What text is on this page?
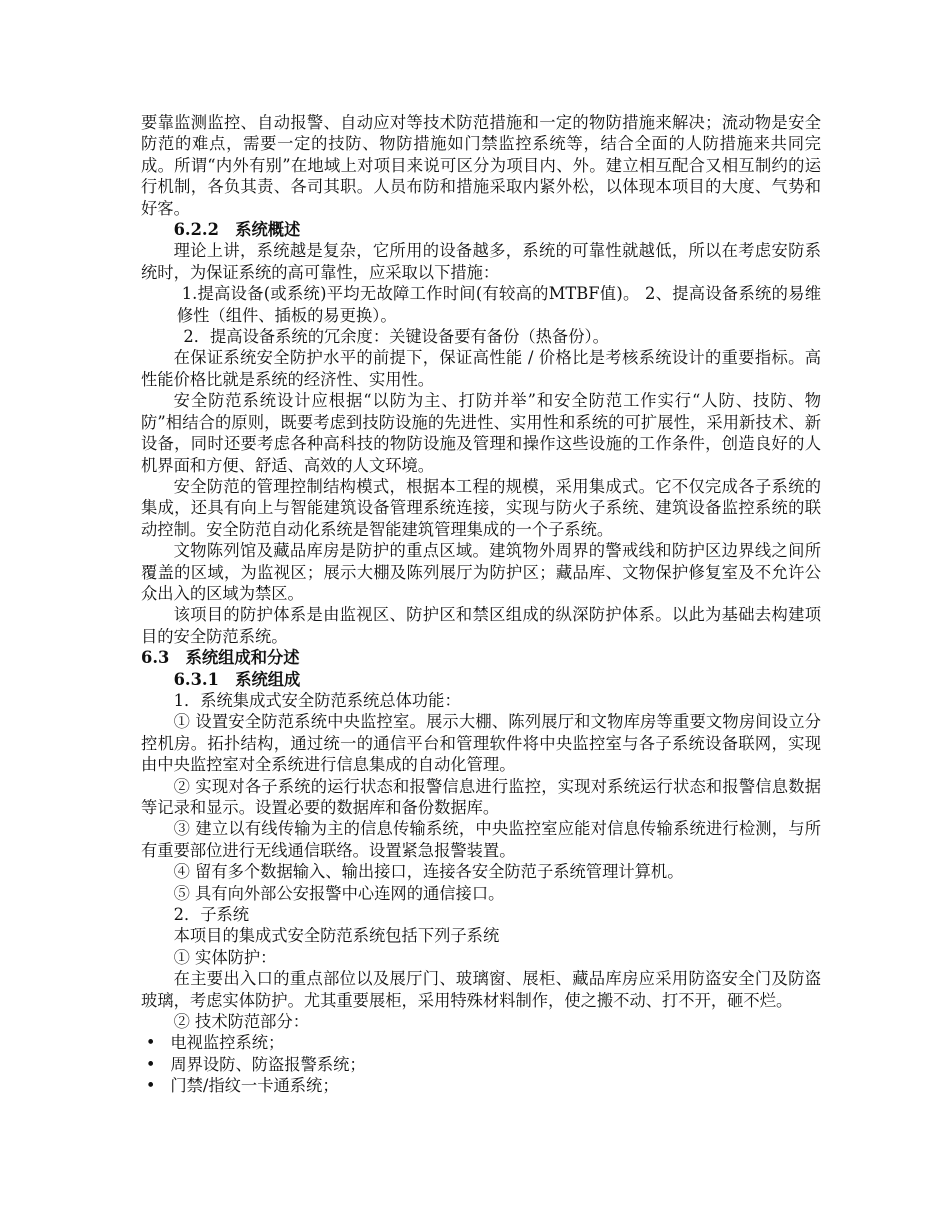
要靠监测监控、自动报警、自动应对等技术防范措施和一定的物防措施来解决；流动物是安全防范的难点，需要一定的技防、物防措施如门禁监控系统等，结合全面的人防措施来共同完成。所谓“内外有别”在地域上对项目来说可区分为项目内、外。建立相互配合又相互制约的运行机制，各负其责、各司其职。人员布防和措施采取内紧外松，以体现本项目的大度、气势和好客。

6.2.2　系统概述

理论上讲，系统越是复杂，它所用的设备越多，系统的可靠性就越低，所以在考虑安防系统时，为保证系统的高可靠性，应采取以下措施：

1.提高设备(或系统)平均无故障工作时间(有较高的MTBF值)。 2、提高设备系统的易维修性（组件、插板的易更换）。

2．提高设备系统的冗余度：关键设备要有备份（热备份）。

在保证系统安全防护水平的前提下，保证高性能 / 价格比是考核系统设计的重要指标。高性能价格比就是系统的经济性、实用性。

安全防范系统设计应根据“以防为主、打防并举”和安全防范工作实行“人防、技防、物防”相结合的原则，既要考虑到技防设施的先进性、实用性和系统的可扩展性，采用新技术、新设备，同时还要考虑各种高科技的物防设施及管理和操作这些设施的工作条件，创造良好的人机界面和方便、舒适、高效的人文环境。

安全防范的管理控制结构模式，根据本工程的规模，采用集成式。它不仅完成各子系统的集成，还具有向上与智能建筑设备管理系统连接，实现与防火子系统、建筑设备监控系统的联动控制。安全防范自动化系统是智能建筑管理集成的一个子系统。

文物陈列馆及藏品库房是防护的重点区域。建筑物外周界的警戒线和防护区边界线之间所覆盖的区域，为监视区；展示大棚及陈列展厅为防护区；藏品库、文物保护修复室及不允许公众出入的区域为禁区。

该项目的防护体系是由监视区、防护区和禁区组成的纵深防护体系。以此为基础去构建项目的安全防范系统。

6.3　系统组成和分述

6.3.1　系统组成

1．系统集成式安全防范系统总体功能：

① 设置安全防范系统中央监控室。展示大棚、陈列展厅和文物库房等重要文物房间设立分控机房。拓扑结构，通过统一的通信平台和管理软件将中央监控室与各子系统设备联网，实现由中央监控室对全系统进行信息集成的自动化管理。

② 实现对各子系统的运行状态和报警信息进行监控，实现对系统运行状态和报警信息数据等记录和显示。设置必要的数据库和备份数据库。

③ 建立以有线传输为主的信息传输系统，中央监控室应能对信息传输系统进行检测，与所有重要部位进行无线通信联络。设置紧急报警装置。

④ 留有多个数据输入、输出接口，连接各安全防范子系统管理计算机。

⑤ 具有向外部公安报警中心连网的通信接口。

2．子系统

本项目的集成式安全防范系统包括下列子系统

① 实体防护：

在主要出入口的重点部位以及展厅门、玻璃窗、展柜、藏品库房应采用防盗安全门及防盗玻璃，考虑实体防护。尤其重要展柜，采用特殊材料制作，使之搬不动、打不开，砸不烂。

② 技术防范部分：

• 电视监控系统；

• 周界设防、防盗报警系统；

• 门禁/指纹一卡通系统；
